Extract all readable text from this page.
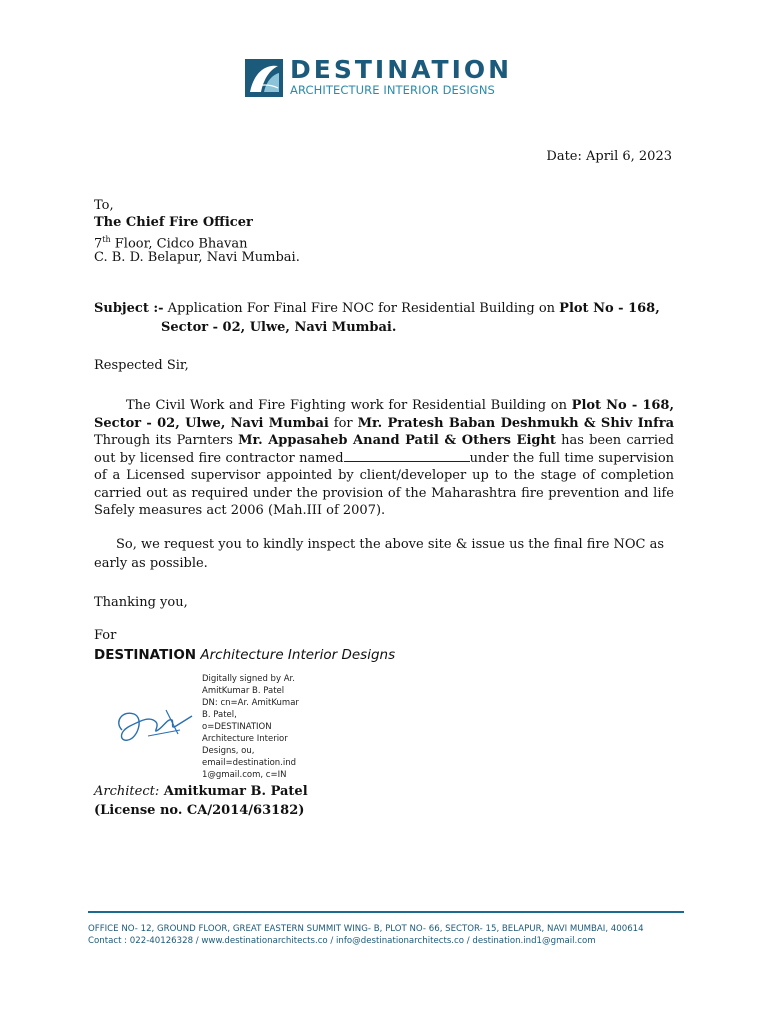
DESTINATION
ARCHITECTURE INTERIOR DESIGNS
Date: April 6, 2023
To,
The Chief Fire Officer
7th Floor, Cidco Bhavan
C. B. D. Belapur, Navi Mumbai.
Subject :- Application For Final Fire NOC for Residential Building on Plot No - 168,
Sector - 02, Ulwe, Navi Mumbai.
Respected Sir,
The Civil Work and Fire Fighting work for Residential Building on Plot No - 168, Sector - 02, Ulwe, Navi Mumbai for Mr. Pratesh Baban Deshmukh & Shiv Infra Through its Parnters Mr. Appasaheb Anand Patil & Others Eight has been carried out by licensed fire contractor named	under the full time supervision of a Licensed supervisor appointed by client/developer up to the stage of completion carried out as required under the provision of the Maharashtra fire prevention and life Safely measures act 2006 (Mah.III of 2007).
So, we request you to kindly inspect the above site & issue us the final fire NOC as early as possible.
Thanking you,
For
DESTINATION Architecture Interior Designs
Digitally signed by Ar.
AmitKumar B. Patel
DN: cn=Ar. AmitKumar
B. Patel,
o=DESTINATION
Architecture Interior
Designs, ou,
email=destination.ind
1@gmail.com, c=IN
Architect: Amitkumar B. Patel
(License no. CA/2014/63182)
OFFICE NO- 12, GROUND FLOOR, GREAT EASTERN SUMMIT WING- B, PLOT NO- 66, SECTOR- 15, BELAPUR, NAVI MUMBAI, 400614
Contact : 022-40126328 / www.destinationarchitects.co / info@destinationarchitects.co / destination.ind1@gmail.com
